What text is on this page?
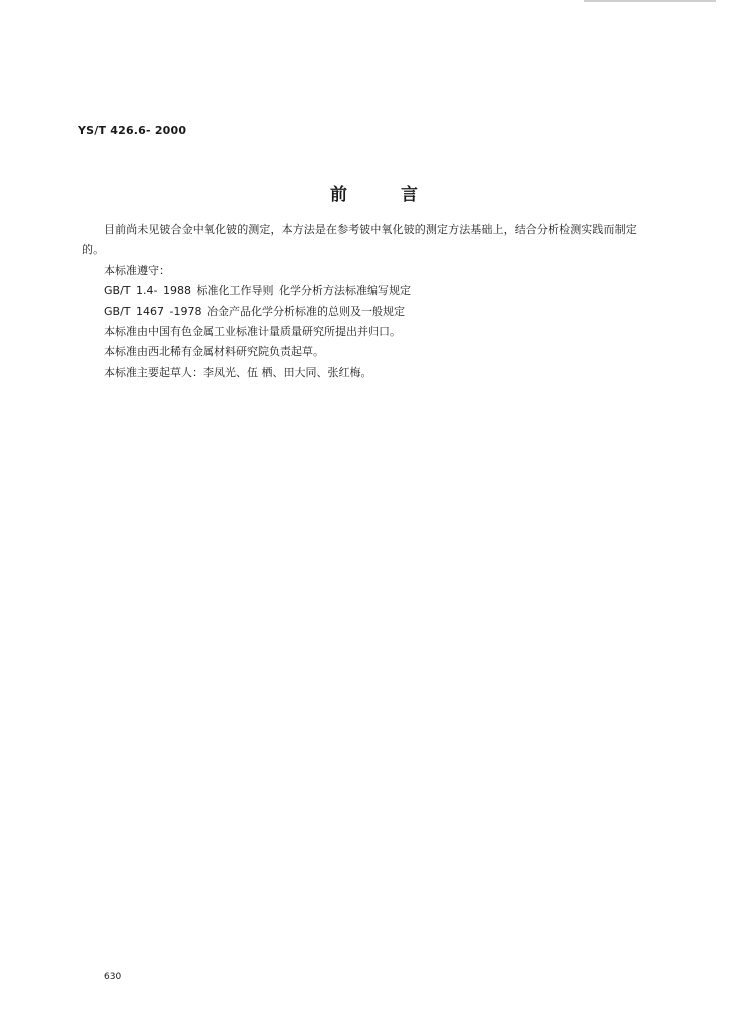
YS/T 426.6- 2000
前言

目前尚未见铍合金中氧化铍的测定，本方法是在参考铍中氧化铍的测定方法基础上，结合分析检测实践而制定的。

本标准遵守：

GB/T 1.4- 1988 标准化工作导则 化学分析方法标准编写规定

GB/T 1467 -1978 冶金产品化学分析标准的总则及一般规定

本标准由中国有色金属工业标准计量质量研究所提出并归口。

本标准由西北稀有金属材料研究院负责起草。

本标准主要起草人：李凤光、伍 栖、田大同、张红梅。

630
